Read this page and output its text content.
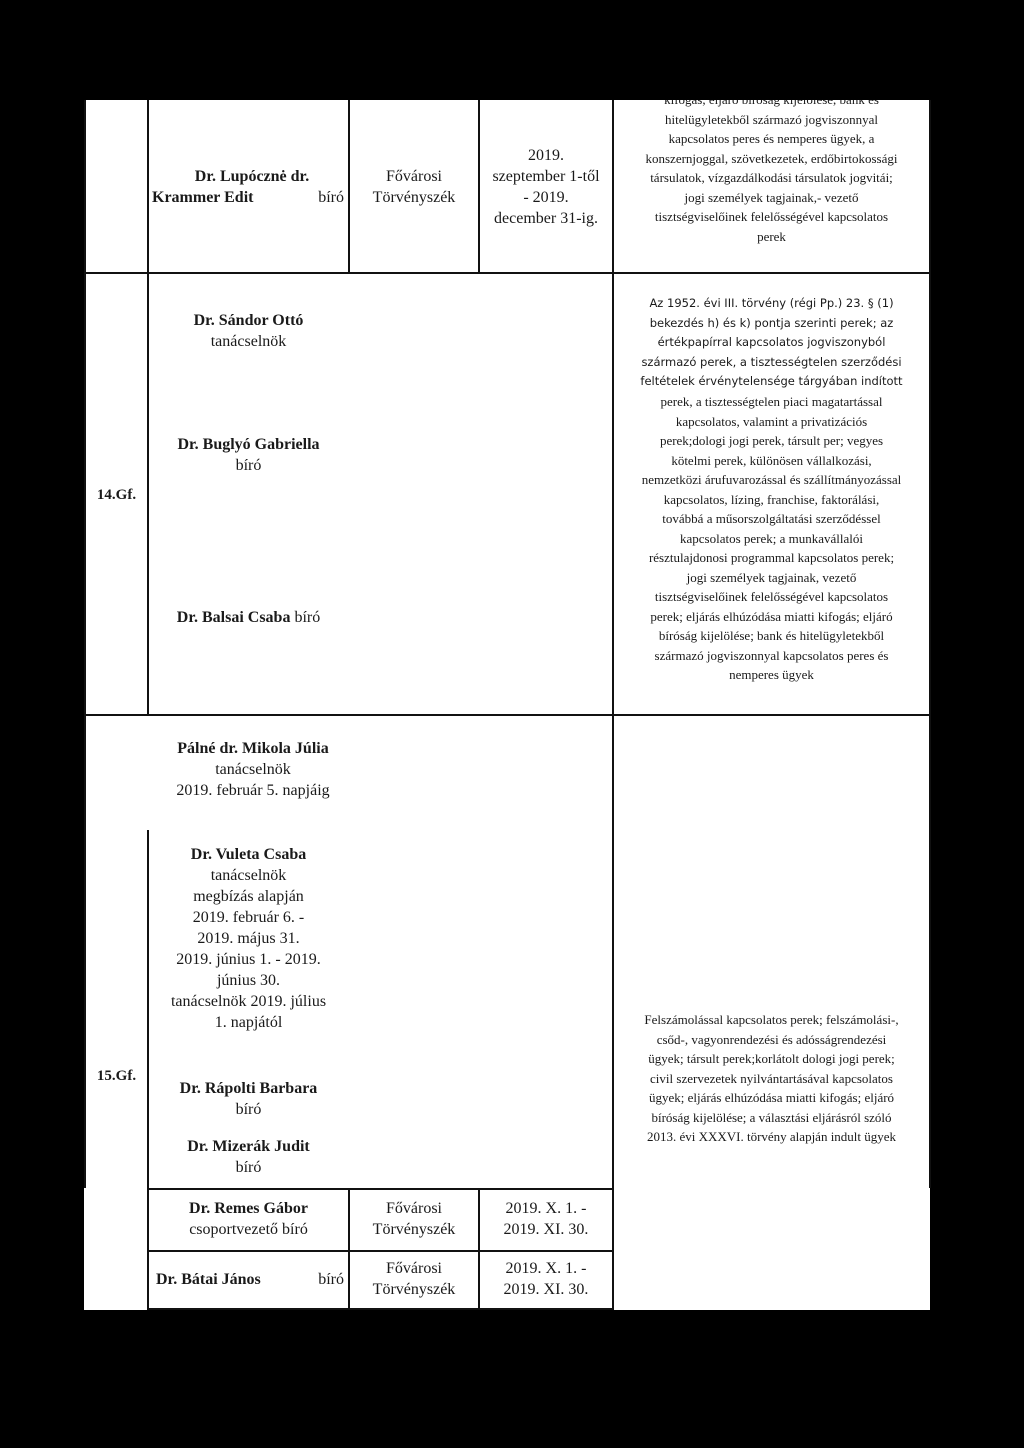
Dr. Lupócznė dr.
Krammer Edit	bíró
Fővárosi
Törvényszék
2019.
szeptember 1-től
- 2019.
december 31-ig.
hitelügyletekből származó jogviszonnyal
kapcsolatos peres és nemperes ügyek, a
konszernjoggal, szövetkezetek, erdőbirtokossági
társulatok, vízgazdálkodási társulatok jogvitái;
jogi személyek tagjainak,- vezető
tisztségviselőinek felelősségével kapcsolatos
perek
14.Gf.
Dr. Sándor Ottó
tanácselnök
Dr. Buglyó Gabriella
bíró
Dr. Balsai Csaba bíró
Az 1952. évi III. törvény (régi Pp.) 23. § (1)
bekezdés h) és k) pontja szerinti perek; az
értékpapírral kapcsolatos jogviszonyból
származó perek, a tisztességtelen szerződési
feltételek érvénytelensége tárgyában indított
perek, a tisztességtelen piaci magatartással
kapcsolatos, valamint a privatizációs
perek;dologi jogi perek, társult per; vegyes
kötelmi perek, különösen vállalkozási,
nemzetközi árufuvarozással és szállítmányozással
kapcsolatos, lízing, franchise, faktorálási,
továbbá a műsorszolgáltatási szerződéssel
kapcsolatos perek; a munkavállalói
résztulajdonosi programmal kapcsolatos perek;
jogi személyek tagjainak, vezető
tisztségviselőinek felelősségével kapcsolatos
perek; eljárás elhúzódása miatti kifogás; eljáró
bíróság kijelölése; bank és hitelügyletekből
származó jogviszonnyal kapcsolatos peres és
nemperes ügyek
Pálné dr. Mikola Júlia
tanácselnök
2019. február 5. napjáig
15.Gf.
Dr. Vuleta Csaba
tanácselnök
megbízás alapján
2019. február 6. -
2019. május 31.
2019. június 1. - 2019.
június 30.
tanácselnök 2019. július
1. napjától
Dr. Rápolti Barbara
bíró
Dr. Mizerák Judit
bíró
Felszámolással kapcsolatos perek; felszámolási-,
csőd-, vagyonrendezési és adósságrendezési
ügyek; társult perek;korlátolt dologi jogi perek;
civil szervezetek nyilvántartásával kapcsolatos
ügyek; eljárás elhúzódása miatti kifogás; eljáró
bíróság kijelölése; a választási eljárásról szóló
2013. évi XXXVI. törvény alapján indult ügyek
Dr. Remes Gábor
csoportvezető bíró
Fővárosi
Törvényszék
2019. X. 1. -
2019. XI. 30.
Dr. Bátai János	bíró
Fővárosi
Törvényszék
2019. X. 1. -
2019. XI. 30.
